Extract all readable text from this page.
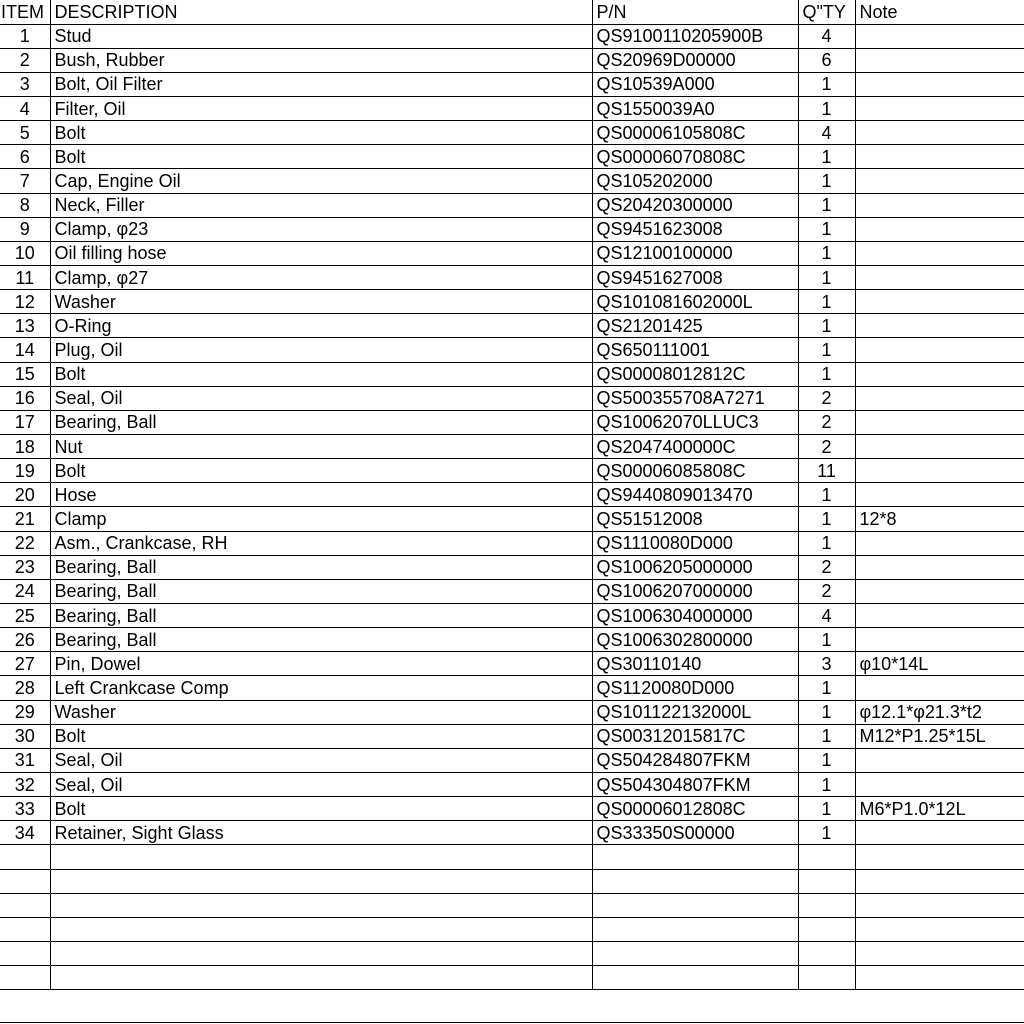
ITEM	DESCRIPTION	P/N	Q"TY	Note
1	Stud	QS9100110205900B	4	
2	Bush, Rubber	QS20969D00000	6	
3	Bolt, Oil Filter	QS10539A000	1	
4	Filter, Oil	QS1550039A0	1	
5	Bolt	QS00006105808C	4	
6	Bolt	QS00006070808C	1	
7	Cap, Engine Oil	QS105202000	1	
8	Neck, Filler	QS20420300000	1	
9	Clamp, φ23	QS9451623008	1	
10	Oil filling hose	QS12100100000	1	
11	Clamp, φ27	QS9451627008	1	
12	Washer	QS101081602000L	1	
13	O-Ring	QS21201425	1	
14	Plug, Oil	QS650111001	1	
15	Bolt	QS00008012812C	1	
16	Seal, Oil	QS500355708A7271	2	
17	Bearing, Ball	QS10062070LLUC3	2	
18	Nut	QS2047400000C	2	
19	Bolt	QS00006085808C	11	
20	Hose	QS9440809013470	1	
21	Clamp	QS51512008	1	12*8
22	Asm., Crankcase, RH	QS1110080D000	1	
23	Bearing, Ball	QS1006205000000	2	
24	Bearing, Ball	QS1006207000000	2	
25	Bearing, Ball	QS1006304000000	4	
26	Bearing, Ball	QS1006302800000	1	
27	Pin, Dowel	QS30110140	3	φ10*14L
28	Left Crankcase Comp	QS1120080D000	1	
29	Washer	QS101122132000L	1	φ12.1*φ21.3*t2
30	Bolt	QS00312015817C	1	M12*P1.25*15L
31	Seal, Oil	QS504284807FKM	1	
32	Seal, Oil	QS504304807FKM	1	
33	Bolt	QS00006012808C	1	M6*P1.0*12L
34	Retainer, Sight Glass	QS33350S00000	1	
